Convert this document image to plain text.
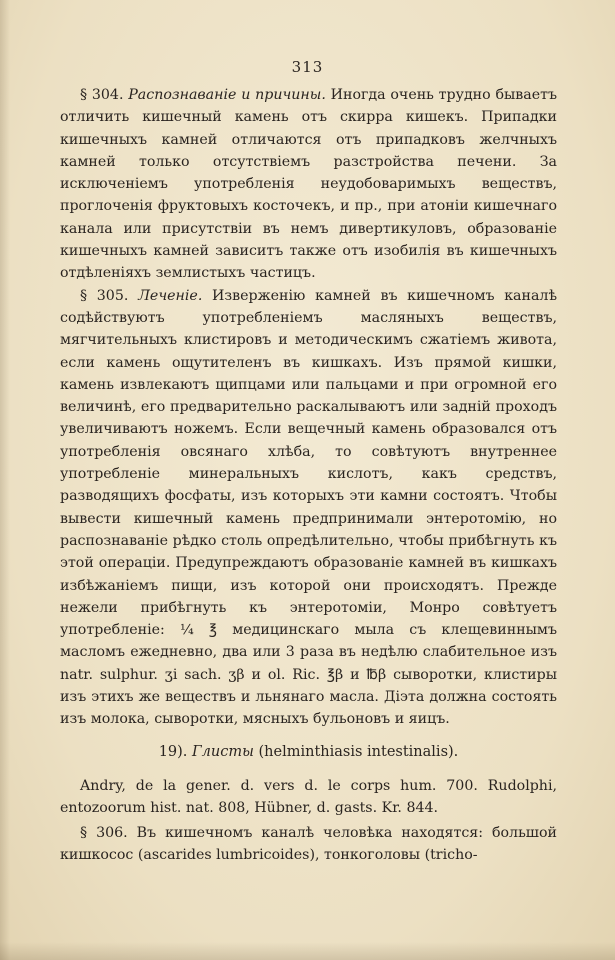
313

§ 304. Распознаваніе и причины. Иногда очень трудно бываетъ отличить кишечный камень отъ скирра кишекъ. Припадки кишечныхъ камней отличаются отъ припадковъ желчныхъ камней только отсутствіемъ разстройства печени. За исключеніемъ употребленія неудобоваримыхъ веществъ, проглоченія фруктовыхъ косточекъ, и пр., при атоніи кишечнаго канала или присутствіи въ немъ дивертикуловъ, образованіе кишечныхъ камней зависитъ также отъ изобилія въ кишечныхъ отдѣленіяхъ землистыхъ частицъ.

§ 305. Леченіе. Изверженію камней въ кишечномъ каналѣ содѣйствуютъ употребленіемъ масляныхъ веществъ, мягчительныхъ клистировъ и методическимъ сжатіемъ живота, если камень ощутителенъ въ кишкахъ. Изъ прямой кишки, камень извлекаютъ щипцами или пальцами и при огромной его величинѣ, его предварительно раскалываютъ или задній проходъ увеличиваютъ ножемъ. Если вещечный камень образовался отъ употребленія овсянаго хлѣба, то совѣтуютъ внутреннее употребленіе минеральныхъ кислотъ, какъ средствъ, разводящихъ фосфаты, изъ которыхъ эти камни состоятъ. Чтобы вывести кишечный камень предпринимали энтеротомію, но распознаваніе рѣдко столь опредѣлительно, чтобы прибѣгнуть къ этой операціи. Предупреждаютъ образованіе камней въ кишкахъ избѣжаніемъ пищи, изъ которой они происходятъ. Прежде нежели прибѣгнуть къ энтеротоміи, Монро совѣтуетъ употребленіе: ¼ ℥ медицинскаго мыла съ клещевиннымъ масломъ ежедневно, два или 3 раза въ недѣлю слабительное изъ natr. sulphur. ʒi sach. ʒβ и ol. Ric. ℥β и ℔β сыворотки, клистиры изъ этихъ же веществъ и льнянаго масла. Діэта должна состоять изъ молока, сыворотки, мясныхъ бульоновъ и яицъ.

19). Глисты (helminthiasis intestinalis).

Andry, de la gener. d. vers d. le corps hum. 700. Rudolphi, entozoorum hist. nat. 808, Hübner, d. gasts. Kr. 844.

§ 306. Въ кишечномъ каналѣ человѣка находятся: большой кишкосос (ascarides lumbricoides), тонкоголовы (tricho-
